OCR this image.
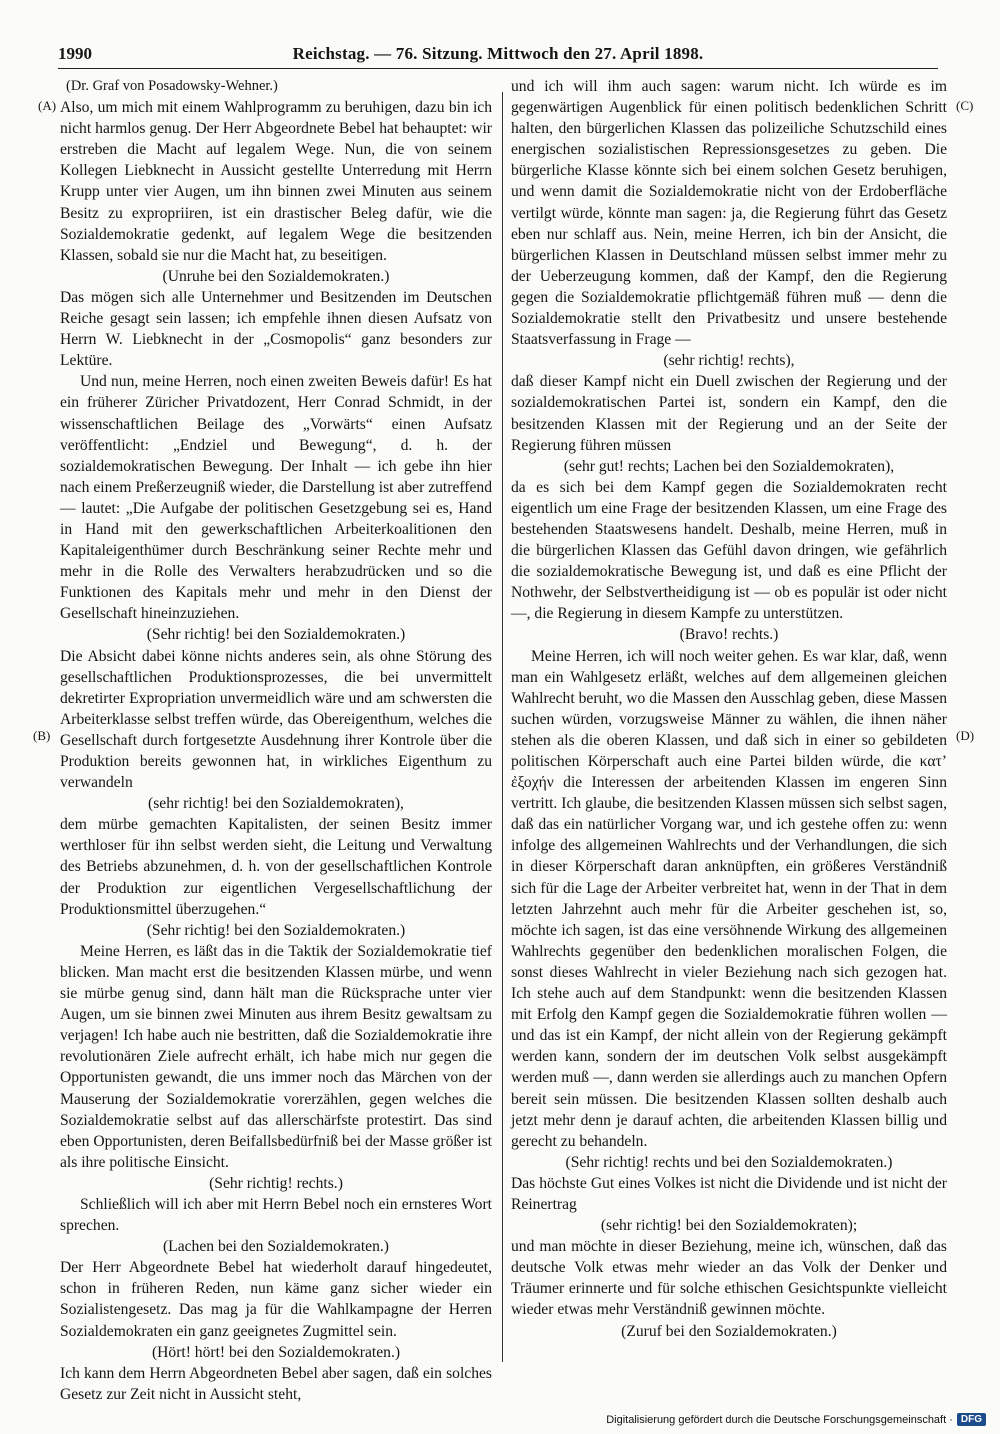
1990	Reichstag. — 76. Sitzung. Mittwoch den 27. April 1898.
(A)
(B)
(C)
(D)
(Dr. Graf von Posadowsky-Wehner.)

Also, um mich mit einem Wahlprogramm zu beruhigen, dazu bin ich nicht harmlos genug. Der Herr Abgeordnete Bebel hat behauptet: wir erstreben die Macht auf legalem Wege. Nun, die von seinem Kollegen Liebknecht in Aussicht gestellte Unterredung mit Herrn Krupp unter vier Augen, um ihn binnen zwei Minuten aus seinem Besitz zu expropriiren, ist ein drastischer Beleg dafür, wie die Sozialdemokratie gedenkt, auf legalem Wege die besitzenden Klassen, sobald sie nur die Macht hat, zu beseitigen.

(Unruhe bei den Sozialdemokraten.)

Das mögen sich alle Unternehmer und Besitzenden im Deutschen Reiche gesagt sein lassen; ich empfehle ihnen diesen Aufsatz von Herrn W. Liebknecht in der „Cosmopolis“ ganz besonders zur Lektüre.

Und nun, meine Herren, noch einen zweiten Beweis dafür! Es hat ein früherer Züricher Privatdozent, Herr Conrad Schmidt, in der wissenschaftlichen Beilage des „Vorwärts“ einen Aufsatz veröffentlicht: „Endziel und Bewegung“, d. h. der sozialdemokratischen Bewegung. Der Inhalt — ich gebe ihn hier nach einem Preßerzeugniß wieder, die Darstellung ist aber zutreffend — lautet: „Die Aufgabe der politischen Gesetzgebung sei es, Hand in Hand mit den gewerkschaftlichen Arbeiterkoalitionen den Kapitaleigenthümer durch Beschränkung seiner Rechte mehr und mehr in die Rolle des Verwalters herabzudrücken und so die Funktionen des Kapitals mehr und mehr in den Dienst der Gesellschaft hineinzuziehen.

(Sehr richtig! bei den Sozialdemokraten.)

Die Absicht dabei könne nichts anderes sein, als ohne Störung des gesellschaftlichen Produktionsprozesses, die bei unvermittelt dekretirter Expropriation unvermeidlich wäre und am schwersten die Arbeiterklasse selbst treffen würde, das Obereigenthum, welches die Gesellschaft durch fortgesetzte Ausdehnung ihrer Kontrole über die Produktion bereits gewonnen hat, in wirkliches Eigenthum zu verwandeln

(sehr richtig! bei den Sozialdemokraten),

dem mürbe gemachten Kapitalisten, der seinen Besitz immer werthloser für ihn selbst werden sieht, die Leitung und Verwaltung des Betriebs abzunehmen, d. h. von der gesellschaftlichen Kontrole der Produktion zur eigentlichen Vergesellschaftlichung der Produktionsmittel überzugehen.“

(Sehr richtig! bei den Sozialdemokraten.)

Meine Herren, es läßt das in die Taktik der Sozialdemokratie tief blicken. Man macht erst die besitzenden Klassen mürbe, und wenn sie mürbe genug sind, dann hält man die Rücksprache unter vier Augen, um sie binnen zwei Minuten aus ihrem Besitz gewaltsam zu verjagen! Ich habe auch nie bestritten, daß die Sozialdemokratie ihre revolutionären Ziele aufrecht erhält, ich habe mich nur gegen die Opportunisten gewandt, die uns immer noch das Märchen von der Mauserung der Sozialdemokratie vorerzählen, gegen welches die Sozialdemokratie selbst auf das allerschärfste protestirt. Das sind eben Opportunisten, deren Beifallsbedürfniß bei der Masse größer ist als ihre politische Einsicht.

(Sehr richtig! rechts.)

Schließlich will ich aber mit Herrn Bebel noch ein ernsteres Wort sprechen.

(Lachen bei den Sozialdemokraten.)

Der Herr Abgeordnete Bebel hat wiederholt darauf hingedeutet, schon in früheren Reden, nun käme ganz sicher wieder ein Sozialistengesetz. Das mag ja für die Wahlkampagne der Herren Sozialdemokraten ein ganz geeignetes Zugmittel sein.

(Hört! hört! bei den Sozialdemokraten.)

Ich kann dem Herrn Abgeordneten Bebel aber sagen, daß ein solches Gesetz zur Zeit nicht in Aussicht steht,

und ich will ihm auch sagen: warum nicht. Ich würde es im gegenwärtigen Augenblick für einen politisch bedenklichen Schritt halten, den bürgerlichen Klassen das polizeiliche Schutzschild eines energischen sozialistischen Repressionsgesetzes zu geben. Die bürgerliche Klasse könnte sich bei einem solchen Gesetz beruhigen, und wenn damit die Sozialdemokratie nicht von der Erdoberfläche vertilgt würde, könnte man sagen: ja, die Regierung führt das Gesetz eben nur schlaff aus. Nein, meine Herren, ich bin der Ansicht, die bürgerlichen Klassen in Deutschland müssen selbst immer mehr zu der Ueberzeugung kommen, daß der Kampf, den die Regierung gegen die Sozialdemokratie pflichtgemäß führen muß — denn die Sozialdemokratie stellt den Privatbesitz und unsere bestehende Staatsverfassung in Frage —

(sehr richtig! rechts),

daß dieser Kampf nicht ein Duell zwischen der Regierung und der sozialdemokratischen Partei ist, sondern ein Kampf, den die besitzenden Klassen mit der Regierung und an der Seite der Regierung führen müssen

(sehr gut! rechts; Lachen bei den Sozialdemokraten),

da es sich bei dem Kampf gegen die Sozialdemokraten recht eigentlich um eine Frage der besitzenden Klassen, um eine Frage des bestehenden Staatswesens handelt. Deshalb, meine Herren, muß in die bürgerlichen Klassen das Gefühl davon dringen, wie gefährlich die sozialdemokratische Bewegung ist, und daß es eine Pflicht der Nothwehr, der Selbstvertheidigung ist — ob es populär ist oder nicht —, die Regierung in diesem Kampfe zu unterstützen.

(Bravo! rechts.)

Meine Herren, ich will noch weiter gehen. Es war klar, daß, wenn man ein Wahlgesetz erläßt, welches auf dem allgemeinen gleichen Wahlrecht beruht, wo die Massen den Ausschlag geben, diese Massen suchen würden, vorzugsweise Männer zu wählen, die ihnen näher stehen als die oberen Klassen, und daß sich in einer so gebildeten politischen Körperschaft auch eine Partei bilden würde, die κατ’ ἐξοχήν die Interessen der arbeitenden Klassen im engeren Sinn vertritt. Ich glaube, die besitzenden Klassen müssen sich selbst sagen, daß das ein natürlicher Vorgang war, und ich gestehe offen zu: wenn infolge des allgemeinen Wahlrechts und der Verhandlungen, die sich in dieser Körperschaft daran anknüpften, ein größeres Verständniß sich für die Lage der Arbeiter verbreitet hat, wenn in der That in dem letzten Jahrzehnt auch mehr für die Arbeiter geschehen ist, so, möchte ich sagen, ist das eine versöhnende Wirkung des allgemeinen Wahlrechts gegenüber den bedenklichen moralischen Folgen, die sonst dieses Wahlrecht in vieler Beziehung nach sich gezogen hat. Ich stehe auch auf dem Standpunkt: wenn die besitzenden Klassen mit Erfolg den Kampf gegen die Sozialdemokratie führen wollen — und das ist ein Kampf, der nicht allein von der Regierung gekämpft werden kann, sondern der im deutschen Volk selbst ausgekämpft werden muß —, dann werden sie allerdings auch zu manchen Opfern bereit sein müssen. Die besitzenden Klassen sollten deshalb auch jetzt mehr denn je darauf achten, die arbeitenden Klassen billig und gerecht zu behandeln.

(Sehr richtig! rechts und bei den Sozialdemokraten.)

Das höchste Gut eines Volkes ist nicht die Dividende und ist nicht der Reinertrag

(sehr richtig! bei den Sozialdemokraten);

und man möchte in dieser Beziehung, meine ich, wünschen, daß das deutsche Volk etwas mehr wieder an das Volk der Denker und Träumer erinnerte und für solche ethischen Gesichtspunkte vielleicht wieder etwas mehr Verständniß gewinnen möchte.

(Zuruf bei den Sozialdemokraten.)

Digitalisierung gefördert durch die Deutsche Forschungsgemeinschaft · DFG
